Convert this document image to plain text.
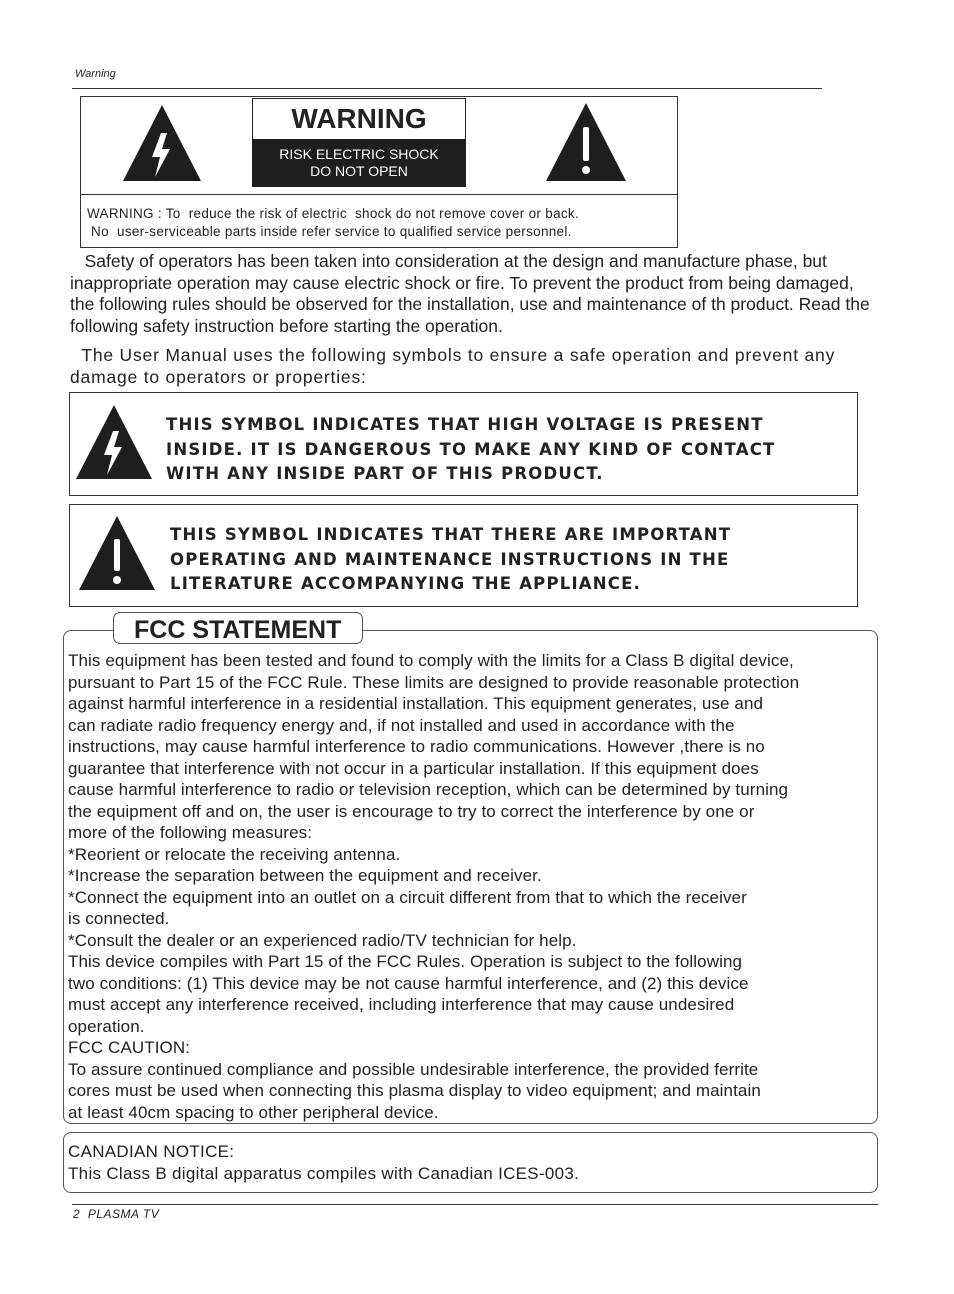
Warning
WARNING
RISK ELECTRIC SHOCK
DO NOT OPEN
WARNING : To  reduce the risk of electric  shock do not remove cover or back.
No  user-serviceable parts inside refer service to qualified service personnel.
Safety of operators has been taken into consideration at the design and manufacture phase, but inappropriate operation may cause electric shock or fire. To prevent the product from being damaged, the following rules should be observed for the installation, use and maintenance of th product. Read the following safety instruction before starting the operation.
The User Manual uses the following symbols to ensure a safe operation and prevent any damage to operators or properties:
THIS SYMBOL INDICATES THAT HIGH VOLTAGE IS PRESENT
INSIDE. IT IS DANGEROUS TO MAKE ANY KIND OF CONTACT
WITH ANY INSIDE PART OF THIS PRODUCT.
THIS SYMBOL INDICATES THAT THERE ARE IMPORTANT
OPERATING AND MAINTENANCE INSTRUCTIONS IN THE
LITERATURE ACCOMPANYING THE APPLIANCE.
FCC STATEMENT
This equipment has been tested and found to comply with the limits for a Class B digital device,
pursuant to Part 15 of the FCC Rule. These limits are designed to provide reasonable protection
against harmful interference in a residential installation. This equipment generates, use and
can radiate radio frequency energy and, if not installed and used in accordance with the
instructions, may cause harmful interference to radio communications. However ,there is no
guarantee that interference with not occur in a particular installation. If this equipment does
cause harmful interference to radio or television reception, which can be determined by turning
the equipment off and on, the user is encourage to try to correct the interference by one or
more of the following measures:
*Reorient or relocate the receiving antenna.
*Increase the separation between the equipment and receiver.
*Connect the equipment into an outlet on a circuit different from that to which the receiver
is connected.
*Consult the dealer or an experienced radio/TV technician for help.
This device compiles with Part 15 of the FCC Rules. Operation is subject to the following
two conditions: (1) This device may be not cause harmful interference, and (2) this device
must accept any interference received, including interference that may cause undesired
operation.
FCC CAUTION:
To assure continued compliance and possible undesirable interference, the provided ferrite
cores must be used when connecting this plasma display to video equipment; and maintain
at least 40cm spacing to other peripheral device.
CANADIAN NOTICE:
This Class B digital apparatus compiles with Canadian ICES-003.
2  PLASMA TV
